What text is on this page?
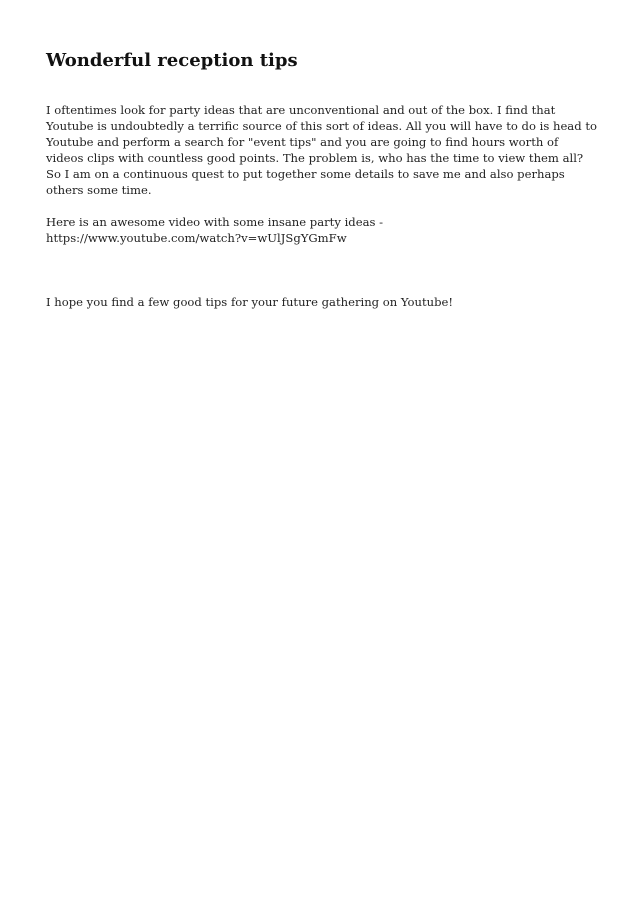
Wonderful reception tips

I oftentimes look for party ideas that are unconventional and out of the box. I find that Youtube is undoubtedly a terrific source of this sort of ideas. All you will have to do is head to Youtube and perform a search for "event tips" and you are going to find hours worth of videos clips with countless good points. The problem is, who has the time to view them all? So I am on a continuous quest to put together some details to save me and also perhaps others some time.

Here is an awesome video with some insane party ideas -
https://www.youtube.com/watch?v=wUlJSgYGmFw

I hope you find a few good tips for your future gathering on Youtube!
